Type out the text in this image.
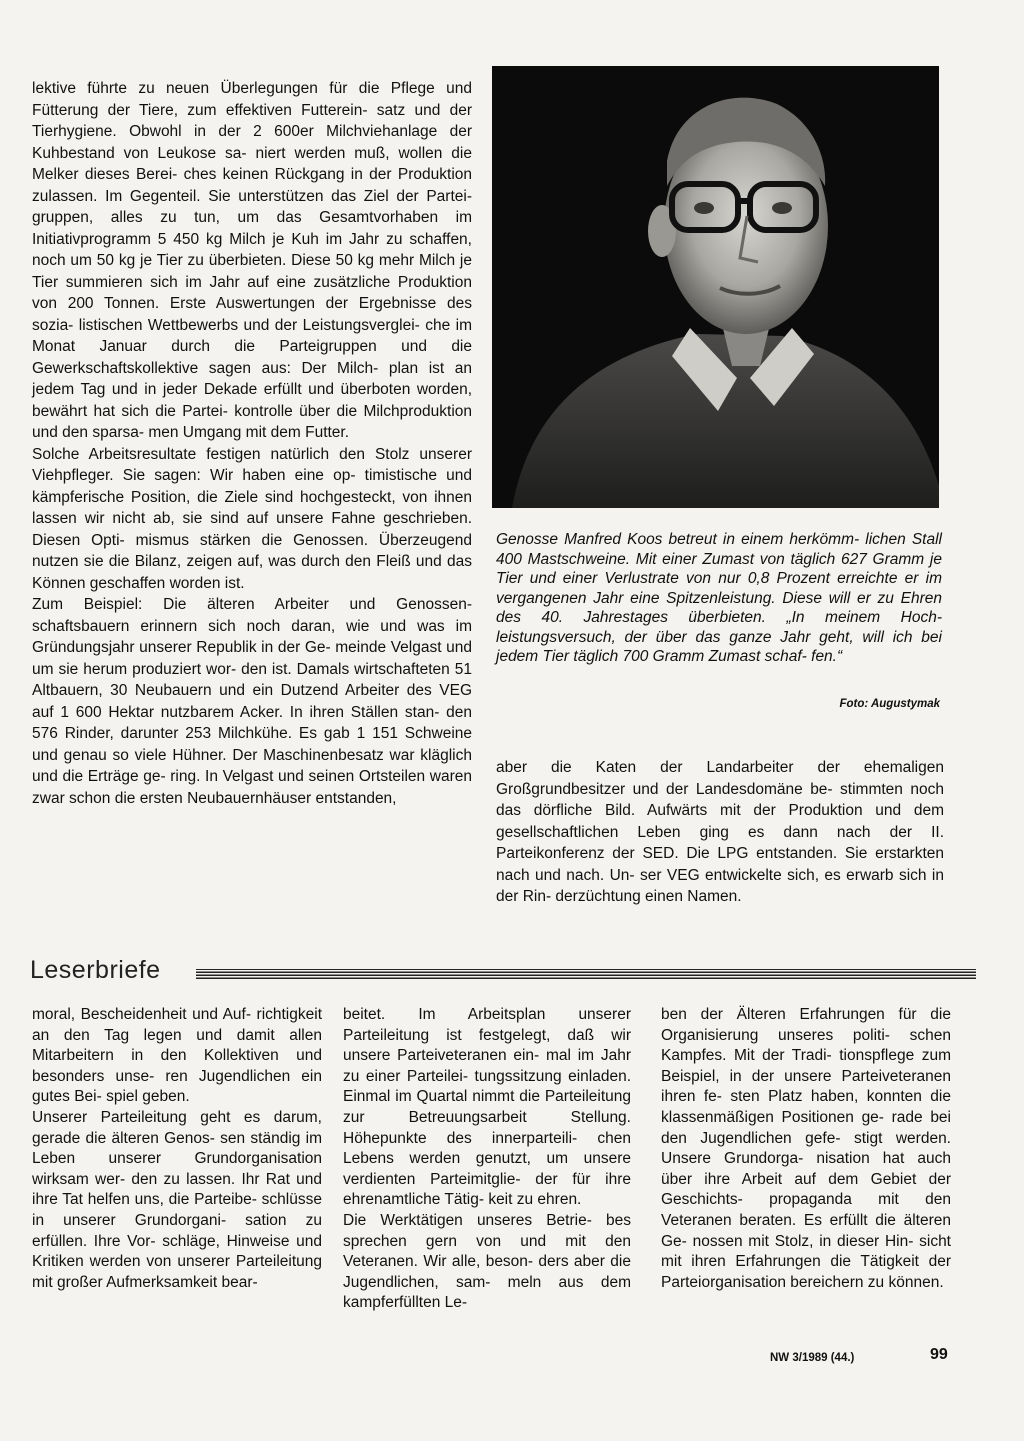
lektive führte zu neuen Überlegungen für die Pflege und Fütterung der Tiere, zum effektiven Futterein- satz und der Tierhygiene. Obwohl in der 2 600er Milchviehanlage der Kuhbestand von Leukose sa- niert werden muß, wollen die Melker dieses Berei- ches keinen Rückgang in der Produktion zulassen. Im Gegenteil. Sie unterstützen das Ziel der Partei- gruppen, alles zu tun, um das Gesamtvorhaben im Initiativprogramm 5 450 kg Milch je Kuh im Jahr zu schaffen, noch um 50 kg je Tier zu überbieten. Diese 50 kg mehr Milch je Tier summieren sich im Jahr auf eine zusätzliche Produktion von 200 Tonnen. Erste Auswertungen der Ergebnisse des sozia- listischen Wettbewerbs und der Leistungsverglei- che im Monat Januar durch die Parteigruppen und die Gewerkschaftskollektive sagen aus: Der Milch- plan ist an jedem Tag und in jeder Dekade erfüllt und überboten worden, bewährt hat sich die Partei- kontrolle über die Milchproduktion und den sparsa- men Umgang mit dem Futter.

Solche Arbeitsresultate festigen natürlich den Stolz unserer Viehpfleger. Sie sagen: Wir haben eine op- timistische und kämpferische Position, die Ziele sind hochgesteckt, von ihnen lassen wir nicht ab, sie sind auf unsere Fahne geschrieben. Diesen Opti- mismus stärken die Genossen. Überzeugend nutzen sie die Bilanz, zeigen auf, was durch den Fleiß und das Können geschaffen worden ist.

Zum Beispiel: Die älteren Arbeiter und Genossen- schaftsbauern erinnern sich noch daran, wie und was im Gründungsjahr unserer Republik in der Ge- meinde Velgast und um sie herum produziert wor- den ist. Damals wirtschafteten 51 Altbauern, 30 Neubauern und ein Dutzend Arbeiter des VEG auf 1 600 Hektar nutzbarem Acker. In ihren Ställen stan- den 576 Rinder, darunter 253 Milchkühe. Es gab 1 151 Schweine und genau so viele Hühner. Der Maschinenbesatz war kläglich und die Erträge ge- ring. In Velgast und seinen Ortsteilen waren zwar schon die ersten Neubauernhäuser entstanden,

Genosse Manfred Koos betreut in einem herkömm- lichen Stall 400 Mastschweine. Mit einer Zumast von täglich 627 Gramm je Tier und einer Verlustrate von nur 0,8 Prozent erreichte er im vergangenen Jahr eine Spitzenleistung. Diese will er zu Ehren des 40. Jahrestages überbieten. „In meinem Hoch- leistungsversuch, der über das ganze Jahr geht, will ich bei jedem Tier täglich 700 Gramm Zumast schaf- fen.“
Foto: Augustymak

aber die Katen der Landarbeiter der ehemaligen Großgrundbesitzer und der Landesdomäne be- stimmten noch das dörfliche Bild. Aufwärts mit der Produktion und dem gesellschaftlichen Leben ging es dann nach der II. Parteikonferenz der SED. Die LPG entstanden. Sie erstarkten nach und nach. Un- ser VEG entwickelte sich, es erwarb sich in der Rin- derzüchtung einen Namen.

Leserbriefe

moral, Bescheidenheit und Auf- richtigkeit an den Tag legen und damit allen Mitarbeitern in den Kollektiven und besonders unse- ren Jugendlichen ein gutes Bei- spiel geben.

Unserer Parteileitung geht es darum, gerade die älteren Genos- sen ständig im Leben unserer Grundorganisation wirksam wer- den zu lassen. Ihr Rat und ihre Tat helfen uns, die Parteibe- schlüsse in unserer Grundorgani- sation zu erfüllen. Ihre Vor- schläge, Hinweise und Kritiken werden von unserer Parteileitung mit großer Aufmerksamkeit bear-

beitet. Im Arbeitsplan unserer Parteileitung ist festgelegt, daß wir unsere Parteiveteranen ein- mal im Jahr zu einer Parteilei- tungssitzung einladen. Einmal im Quartal nimmt die Parteileitung zur Betreuungsarbeit Stellung. Höhepunkte des innerparteili- chen Lebens werden genutzt, um unsere verdienten Parteimitglie- der für ihre ehrenamtliche Tätig- keit zu ehren.

Die Werktätigen unseres Betrie- bes sprechen gern von und mit den Veteranen. Wir alle, beson- ders aber die Jugendlichen, sam- meln aus dem kampferfüllten Le-

ben der Älteren Erfahrungen für die Organisierung unseres politi- schen Kampfes. Mit der Tradi- tionspflege zum Beispiel, in der unsere Parteiveteranen ihren fe- sten Platz haben, konnten die klassenmäßigen Positionen ge- rade bei den Jugendlichen gefe- stigt werden. Unsere Grundorga- nisation hat auch über ihre Arbeit auf dem Gebiet der Geschichts- propaganda mit den Veteranen beraten. Es erfüllt die älteren Ge- nossen mit Stolz, in dieser Hin- sicht mit ihren Erfahrungen die Tätigkeit der Parteiorganisation bereichern zu können.

NW 3/1989 (44.)	99
